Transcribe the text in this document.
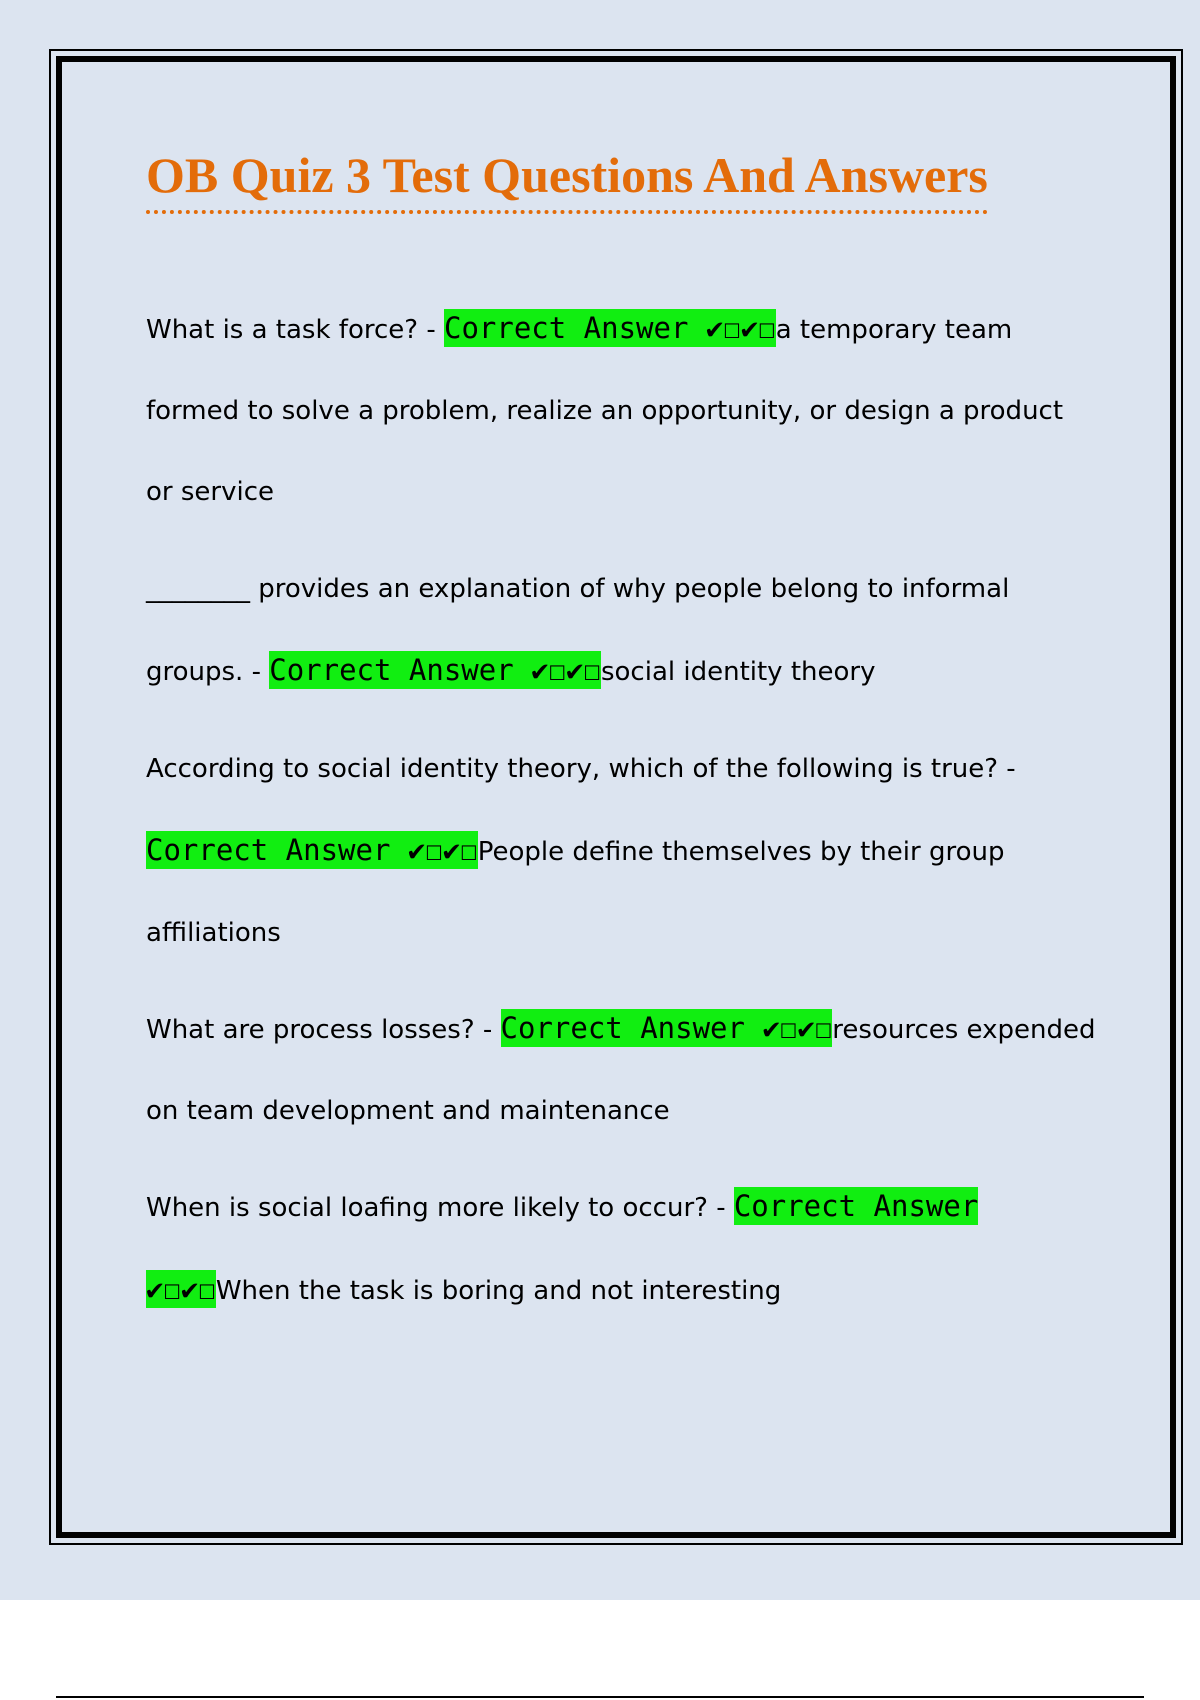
OB Quiz 3 Test Questions And Answers

What is a task force? - Correct Answer ✔☐✔☐a temporary team formed to solve a problem, realize an opportunity, or design a product or service

________ provides an explanation of why people belong to informal groups. - Correct Answer ✔☐✔☐social identity theory

According to social identity theory, which of the following is true? - Correct Answer ✔☐✔☐People define themselves by their group affiliations

What are process losses? - Correct Answer ✔☐✔☐resources expended on team development and maintenance

When is social loafing more likely to occur? - Correct Answer ✔☐✔☐When the task is boring and not interesting
